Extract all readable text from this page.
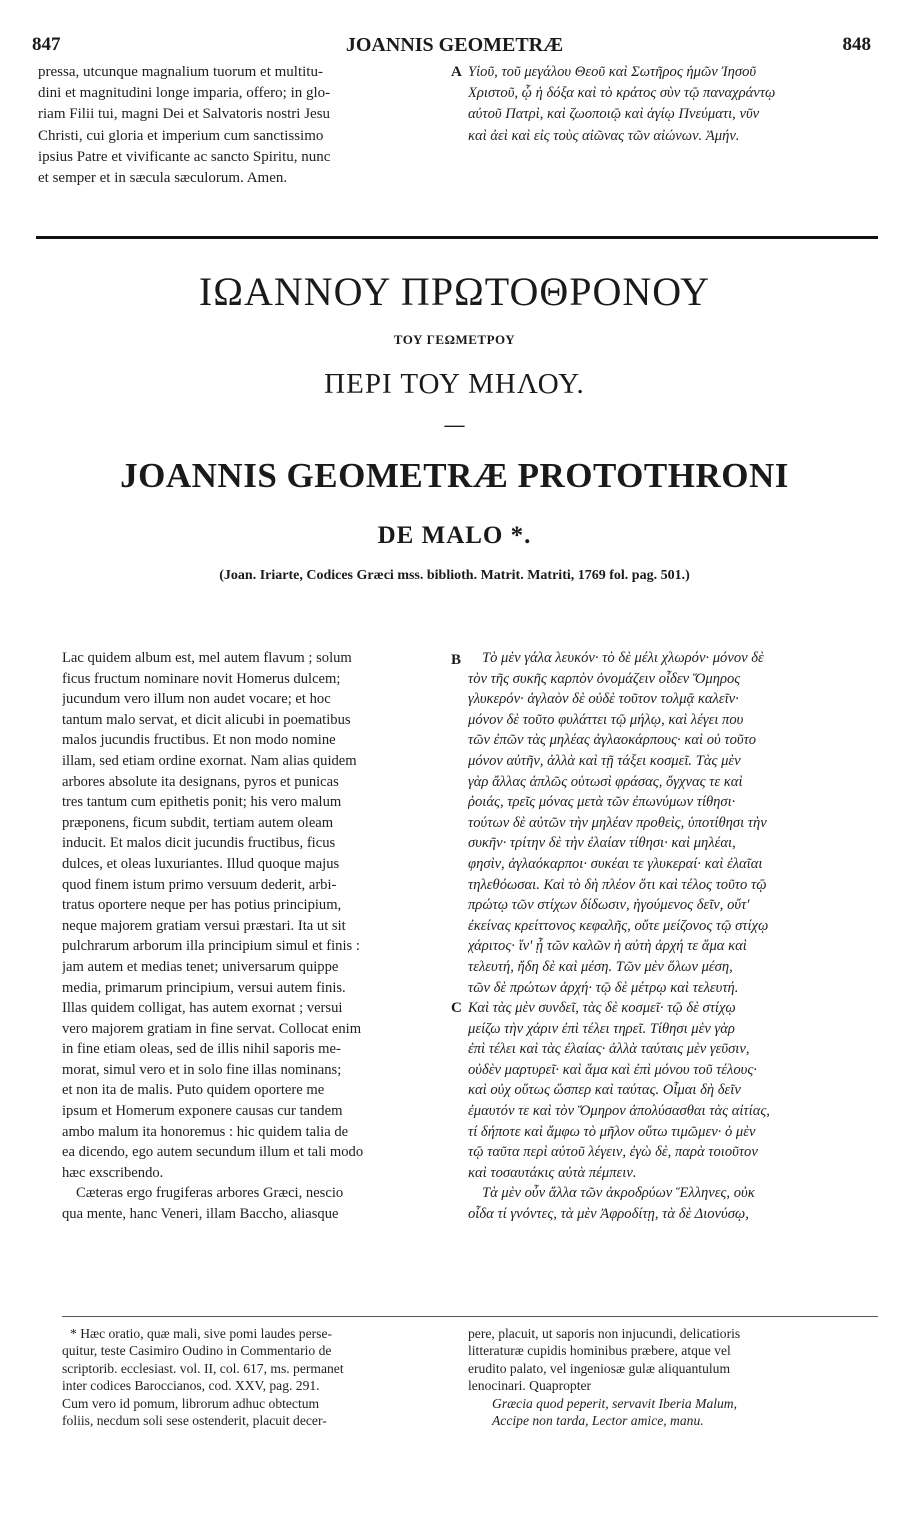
847	JOANNIS GEOMETRÆ	848
pressa, utcunque magnalium tuorum et multitu-
dini et magnitudini longe imparia, offero; in glo-
riam Filii tui, magni Dei et Salvatoris nostri Jesu
Christi, cui gloria et imperium cum sanctissimo
ipsius Patre et vivificante ac sancto Spiritu, nunc
et semper et in sæcula sæculorum. Amen.
A Υἱοῦ, τοῦ μεγάλου Θεοῦ καὶ Σωτῆρος ἡμῶν Ἰησοῦ
Χριστοῦ, ᾧ ἡ δόξα καὶ τὸ κράτος σὺν τῷ παναχράντῳ
αὐτοῦ Πατρὶ, καὶ ζωοποιῷ καὶ ἁγίῳ Πνεύματι, νῦν
καὶ ἀεὶ καὶ εἰς τοὺς αἰῶνας τῶν αἰώνων. Ἀμήν.
ΙΩΑΝΝΟΥ ΠΡΩΤΟΘΡΟΝΟΥ
ΤΟΥ ΓΕΩΜΕΤΡΟΥ
ΠΕΡΙ ΤΟΥ ΜΗΛΟΥ.
—
JOANNIS GEOMETRÆ PROTOTHRONI
DE MALO *.
(Joan. Iriarte, Codices Græci mss. biblioth. Matrit. Matriti, 1769 fol. pag. 501.)
Lac quidem album est, mel autem flavum ; solum
ficus fructum nominare novit Homerus dulcem;
jucundum vero illum non audet vocare; et hoc
tantum malo servat, et dicit alicubi in poematibus
malos jucundis fructibus. Et non modo nomine
illam, sed etiam ordine exornat. Nam alias quidem
arbores absolute ita designans, pyros et punicas
tres tantum cum epithetis ponit; his vero malum
præponens, ficum subdit, tertiam autem oleam
inducit. Et malos dicit jucundis fructibus, ficus
dulces, et oleas luxuriantes. Illud quoque majus
quod finem istum primo versuum dederit, arbi-
tratus oportere neque per has potius principium,
neque majorem gratiam versui præstari. Ita ut sit
pulchrarum arborum illa principium simul et finis :
jam autem et medias tenet; universarum quippe
media, primarum principium, versui autem finis.
Illas quidem colligat, has autem exornat ; versui
vero majorem gratiam in fine servat. Collocat enim
in fine etiam oleas, sed de illis nihil saporis me-
morat, simul vero et in solo fine illas nominans;
et non ita de malis. Puto quidem oportere me
ipsum et Homerum exponere causas cur tandem
ambo malum ita honoremus : hic quidem talia de
ea dicendo, ego autem secundum illum et tali modo
hæc exscribendo.
Cæteras ergo frugiferas arbores Græci, nescio
qua mente, hanc Veneri, illam Baccho, aliasque
B
C
Τὸ μὲν γάλα λευκόν· τὸ δὲ μέλι χλωρόν· μόνον δὲ
τὸν τῆς συκῆς καρπὸν ὀνομάζειν οἶδεν Ὅμηρος
γλυκερόν· ἀγλαὸν δὲ οὐδὲ τοῦτον τολμᾷ καλεῖν·
μόνον δὲ τοῦτο φυλάττει τῷ μήλῳ, καὶ λέγει που
τῶν ἐπῶν τὰς μηλέας ἀγλαοκάρπους· καὶ οὐ τοῦτο
μόνον αὐτῆν, ἀλλὰ καὶ τῇ τάξει κοσμεῖ. Τὰς μὲν
γὰρ ἄλλας ἁπλῶς οὑτωσὶ φράσας, ὄγχνας τε καὶ
ῥοιάς, τρεῖς μόνας μετὰ τῶν ἐπωνύμων τίθησι·
τούτων δὲ αὐτῶν τὴν μηλέαν προθεὶς, ὑποτίθησι τὴν
συκῆν· τρίτην δὲ τὴν ἐλαίαν τίθησι· καὶ μηλέαι,
φησὶν, ἀγλαόκαρποι· συκέαι τε γλυκεραί· καὶ ἐλαῖαι
τηλεθόωσαι. Καὶ τὸ δὴ πλέον ὅτι καὶ τέλος τοῦτο τῷ
πρώτῳ τῶν στίχων δίδωσιν, ἡγούμενος δεῖν, οὔτ'
ἐκείνας κρείττονος κεφαλῆς, οὔτε μείζονος τῷ στίχῳ
χάριτος· ἵν' ᾖ τῶν καλῶν ἡ αὐτὴ ἀρχή τε ἅμα καὶ
τελευτή, ἤδη δὲ καὶ μέση. Τῶν μὲν ὅλων μέση,
τῶν δὲ πρώτων ἀρχή· τῷ δὲ μέτρῳ καὶ τελευτή.
Καὶ τὰς μὲν συνδεῖ, τὰς δὲ κοσμεῖ· τῷ δὲ στίχῳ
μείζω τὴν χάριν ἐπὶ τέλει τηρεῖ. Τίθησι μὲν γὰρ
ἐπὶ τέλει καὶ τὰς ἐλαίας· ἀλλὰ ταύταις μὲν γεῦσιν,
οὐδὲν μαρτυρεῖ· καὶ ἅμα καὶ ἐπὶ μόνου τοῦ τέλους·
καὶ οὐχ οὕτως ὥσπερ καὶ ταύτας. Οἶμαι δὴ δεῖν
ἐμαυτόν τε καὶ τὸν Ὅμηρον ἀπολύσασθαι τὰς αἰτίας,
τί δήποτε καὶ ἄμφω τὸ μῆλον οὕτω τιμῶμεν· ὁ μὲν
τῷ ταῦτα περὶ αὐτοῦ λέγειν, ἐγὼ δὲ, παρὰ τοιοῦτον
καὶ τοσαυτάκις αὐτὰ πέμπειν.
Τὰ μὲν οὖν ἄλλα τῶν ἀκροδρύων Ἕλληνες, οὐκ
οἶδα τί γνόντες, τὰ μὲν Ἀφροδίτῃ, τὰ δὲ Διονύσῳ,
* Hæc oratio, quæ mali, sive pomi laudes perse-
quitur, teste Casimiro Oudino in Commentario de
scriptorib. ecclesiast. vol. II, col. 617, ms. permanet
inter codices Baroccianos, cod. XXV, pag. 291.
Cum vero id pomum, librorum adhuc obtectum
foliis, necdum soli sese ostenderit, placuit decer-
pere, placuit, ut saporis non injucundi, delicatioris
litteraturæ cupidis hominibus præbere, atque vel
erudito palato, vel ingeniosæ gulæ aliquantulum
lenocinari. Quapropter
Græcia quod peperit, servavit Iberia Malum,
Accipe non tarda, Lector amice, manu.
